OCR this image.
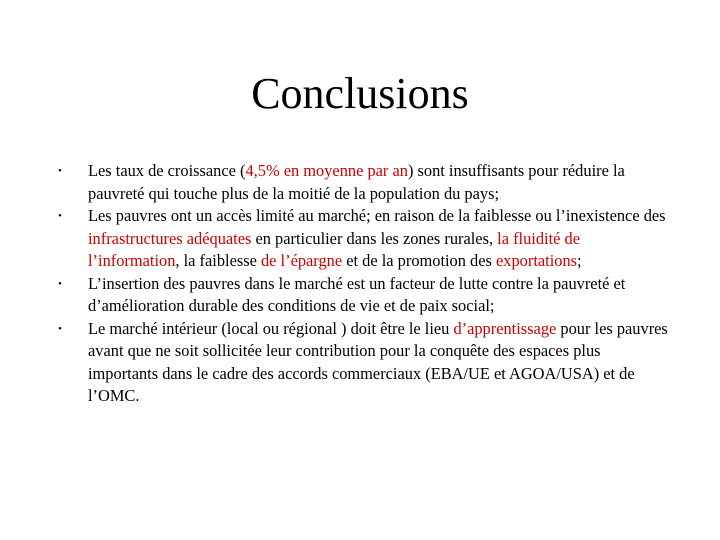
Conclusions
•	Les taux de croissance (4,5% en moyenne par an) sont insuffisants pour réduire la pauvreté qui touche plus de la moitié de la population du pays;
•	Les pauvres ont un accès limité au marché; en raison de la faiblesse ou l’inexistence des infrastructures adéquates en particulier dans les zones rurales, la fluidité de l’information, la faiblesse de l’épargne et de la promotion des exportations;
•	L’insertion des pauvres dans le marché est un facteur de lutte contre la pauvreté et d’amélioration durable des conditions de vie et de paix social;
•	Le marché intérieur (local ou régional ) doit être le lieu d’apprentissage pour les pauvres avant que ne soit sollicitée leur contribution pour la conquête des espaces plus importants dans le cadre des accords commerciaux (EBA/UE et AGOA/USA) et de l’OMC.
